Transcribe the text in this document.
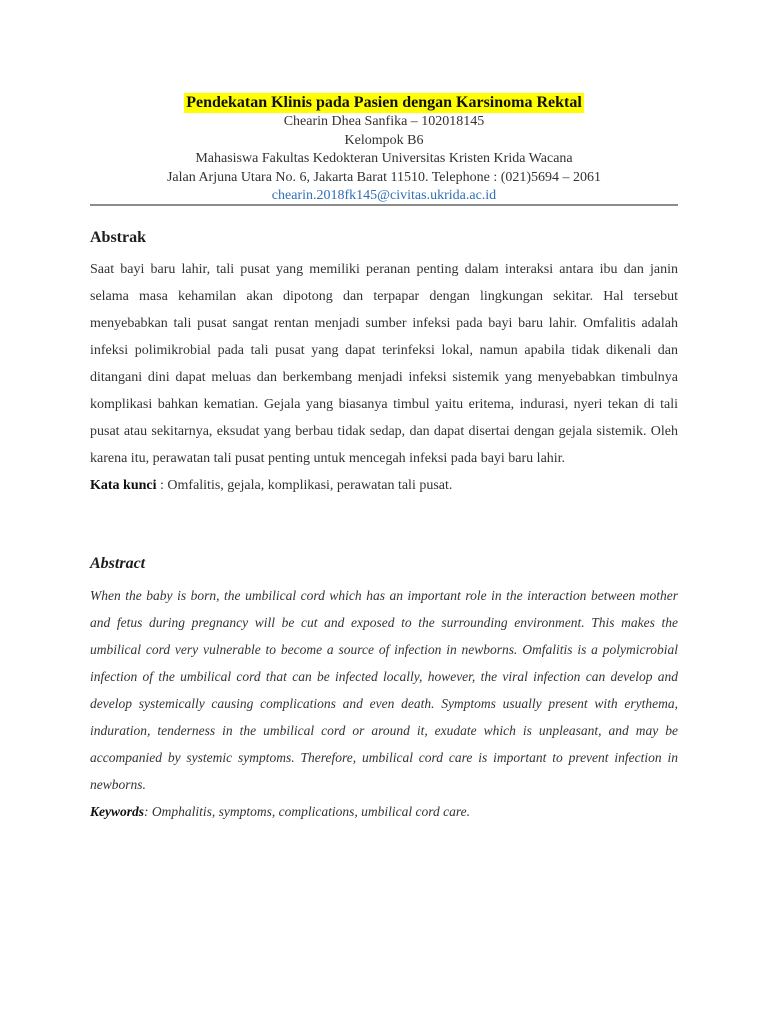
Pendekatan Klinis pada Pasien dengan Karsinoma Rektal
Chearin Dhea Sanfika – 102018145
Kelompok B6
Mahasiswa Fakultas Kedokteran Universitas Kristen Krida Wacana
Jalan Arjuna Utara No. 6, Jakarta Barat 11510. Telephone : (021)5694 – 2061
chearin.2018fk145@civitas.ukrida.ac.id
Abstrak

Saat bayi baru lahir, tali pusat yang memiliki peranan penting dalam interaksi antara ibu dan janin selama masa kehamilan akan dipotong dan terpapar dengan lingkungan sekitar. Hal tersebut menyebabkan tali pusat sangat rentan menjadi sumber infeksi pada bayi baru lahir. Omfalitis adalah infeksi polimikrobial pada tali pusat yang dapat terinfeksi lokal, namun apabila tidak dikenali dan ditangani dini dapat meluas dan berkembang menjadi infeksi sistemik yang menyebabkan timbulnya komplikasi bahkan kematian. Gejala yang biasanya timbul yaitu eritema, indurasi, nyeri tekan di tali pusat atau sekitarnya, eksudat yang berbau tidak sedap, dan dapat disertai dengan gejala sistemik. Oleh karena itu, perawatan tali pusat penting untuk mencegah infeksi pada bayi baru lahir.

Kata kunci : Omfalitis, gejala, komplikasi, perawatan tali pusat.
Abstract

When the baby is born, the umbilical cord which has an important role in the interaction between mother and fetus during pregnancy will be cut and exposed to the surrounding environment. This makes the umbilical cord very vulnerable to become a source of infection in newborns. Omfalitis is a polymicrobial infection of the umbilical cord that can be infected locally, however, the viral infection can develop and develop systemically causing complications and even death. Symptoms usually present with erythema, induration, tenderness in the umbilical cord or around it, exudate which is unpleasant, and may be accompanied by systemic symptoms. Therefore, umbilical cord care is important to prevent infection in newborns.

Keywords: Omphalitis, symptoms, complications, umbilical cord care.
